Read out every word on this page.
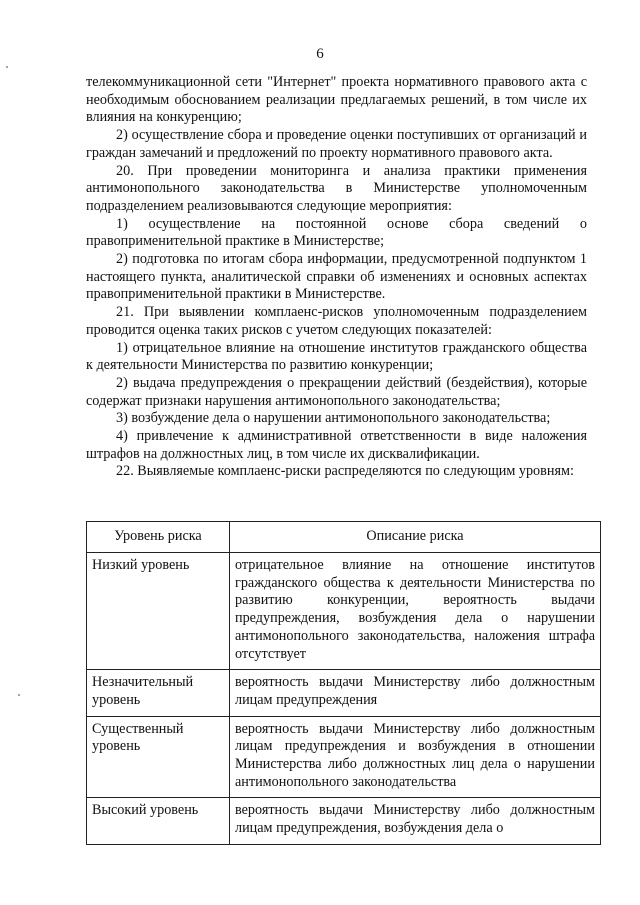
6

телекоммуникационной сети "Интернет" проекта нормативного правового акта с необходимым обоснованием реализации предлагаемых решений, в том числе их влияния на конкуренцию;

2) осуществление сбора и проведение оценки поступивших от организаций и граждан замечаний и предложений по проекту нормативного правового акта.

20. При проведении мониторинга и анализа практики применения антимонопольного законодательства в Министерстве уполномоченным подразделением реализовываются следующие мероприятия:

1) осуществление на постоянной основе сбора сведений о правоприменительной практике в Министерстве;

2) подготовка по итогам сбора информации, предусмотренной подпунктом 1 настоящего пункта, аналитической справки об изменениях и основных аспектах правоприменительной практики в Министерстве.

21. При выявлении комплаенс-рисков уполномоченным подразделением проводится оценка таких рисков с учетом следующих показателей:

1) отрицательное влияние на отношение институтов гражданского общества к деятельности Министерства по развитию конкуренции;

2) выдача предупреждения о прекращении действий (бездействия), которые содержат признаки нарушения антимонопольного законодательства;

3) возбуждение дела о нарушении антимонопольного законодательства;

4) привлечение к административной ответственности в виде наложения штрафов на должностных лиц, в том числе их дисквалификации.

22. Выявляемые комплаенс-риски распределяются по следующим уровням:

Уровень риска	Описание риска
Низкий уровень	отрицательное влияние на отношение институтов гражданского общества к деятельности Министерства по развитию конкуренции, вероятность выдачи предупреждения, возбуждения дела о нарушении антимонопольного законодательства, наложения штрафа отсутствует
Незначительный уровень	вероятность выдачи Министерству либо должностным лицам предупреждения
Существенный уровень	вероятность выдачи Министерству либо должностным лицам предупреждения и возбуждения в отношении Министерства либо должностных лиц дела о нарушении антимонопольного законодательства
Высокий уровень	вероятность выдачи Министерству либо должностным лицам предупреждения, возбуждения дела о
